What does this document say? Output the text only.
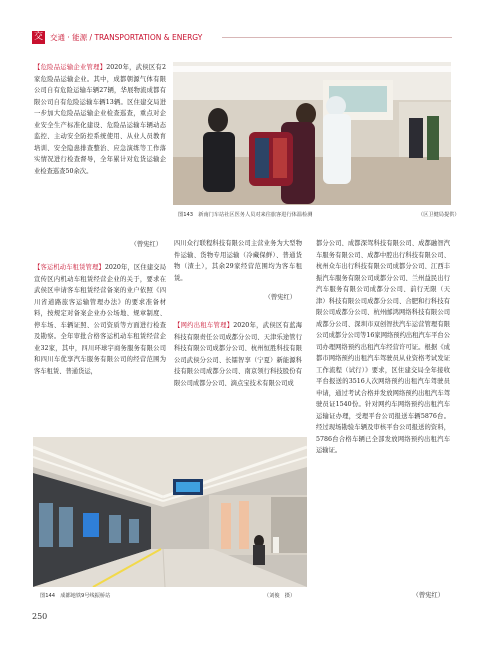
交 交通 · 能源 / TRANSPORTATION & ENERGY
【危险品运输企业管理】2020年，武侯区有2家危险品运输企业。其中，成都朝源气体有限公司自有危险运输车辆27辆，华展物流成都有限公司自有危险运输车辆13辆。区住建交局进一步加大危险品运输企业检查巡查，重点对企业安全生产标准化建设、危险品运输车辆动态监控、主动安全防控系统使用、从业人员教育培训、安全隐患排查整治、应急演练等工作落实情况进行检查督导，全年累计对危货运输企业检查巡查50余次。
（曾宪红）
【客运机动车租赁管理】2020年，区住建交局宣传区内机动车租赁经营企业的关于，要求在武侯区申请客车租赁经营备案的业户依照《四川省道路旅客运输管理办法》的要求准备材料，按规定对备案企业办公场地、规章制度、停车场、车辆证照、公司资质等方面进行检查及勘察。全年审批合格客运机动车租赁经营企业32家，其中，四川环球宇商务服务有限公司和四川车优享汽车服务有限公司的经营范围为客车租赁、普通货运，
图143　新南门车站社区医务人员对来往旅客进行体温检测	（区卫健局提供）
四川众行联程科技有限公司主营业务为大型物件运输、货物专用运输（冷藏保鲜）、普通货物（渣土），其余29家经营范围均为客车租赁。
（曾宪红）
【网约出租车管理】2020年，武侯区有蓝海科技有限责任公司成都分公司、天津乐途管行科技有限公司成都分公司、杭州恒胜科技有限公司武侯分公司、长镭智享（宁夏）新能源科技有限公司成都分公司、南京领行科技股份有限公司成都分公司、滴点宝技术有限公司成
都分公司、成都深驾科技有限公司、成都融智汽车服务有限公司、成都中腔出行科技有限公司、杭州众车出行科技有限公司成都分公司、江西丰振汽车服务有限公司成都分公司、兰州益民出行汽车服务有限公司成都分公司、前行无限（天津）科技有限公司成都分公司、合肥和行科技有限公司成都分公司、杭州邮鸿网络科技有限公司成都分公司、深圳市双创智扶汽车运营管理有限公司成都分公司等16家网络预约出租汽车平台公司办理网络预约出租汽车经营许可证。根据《成都市网络预约出租汽车驾驶员从业资格考试发证工作流程（试行）》要求，区住建交局全年接收平台报送的3516人次网络预约出租汽车驾驶员申请，通过考试合格并发放网络预约出租汽车驾驶员证1540份。针对网约车网络预约出租汽车运输证办理，受理平台公司报送车辆5876台。经过现场勘验车辆及审核平台公司报送的资料，5786台合格车辆已全部发放网络预约出租汽车运输证。
（曾宪红）
图144　成都地铁9号线振桥站	（刘俊　摄）
250
